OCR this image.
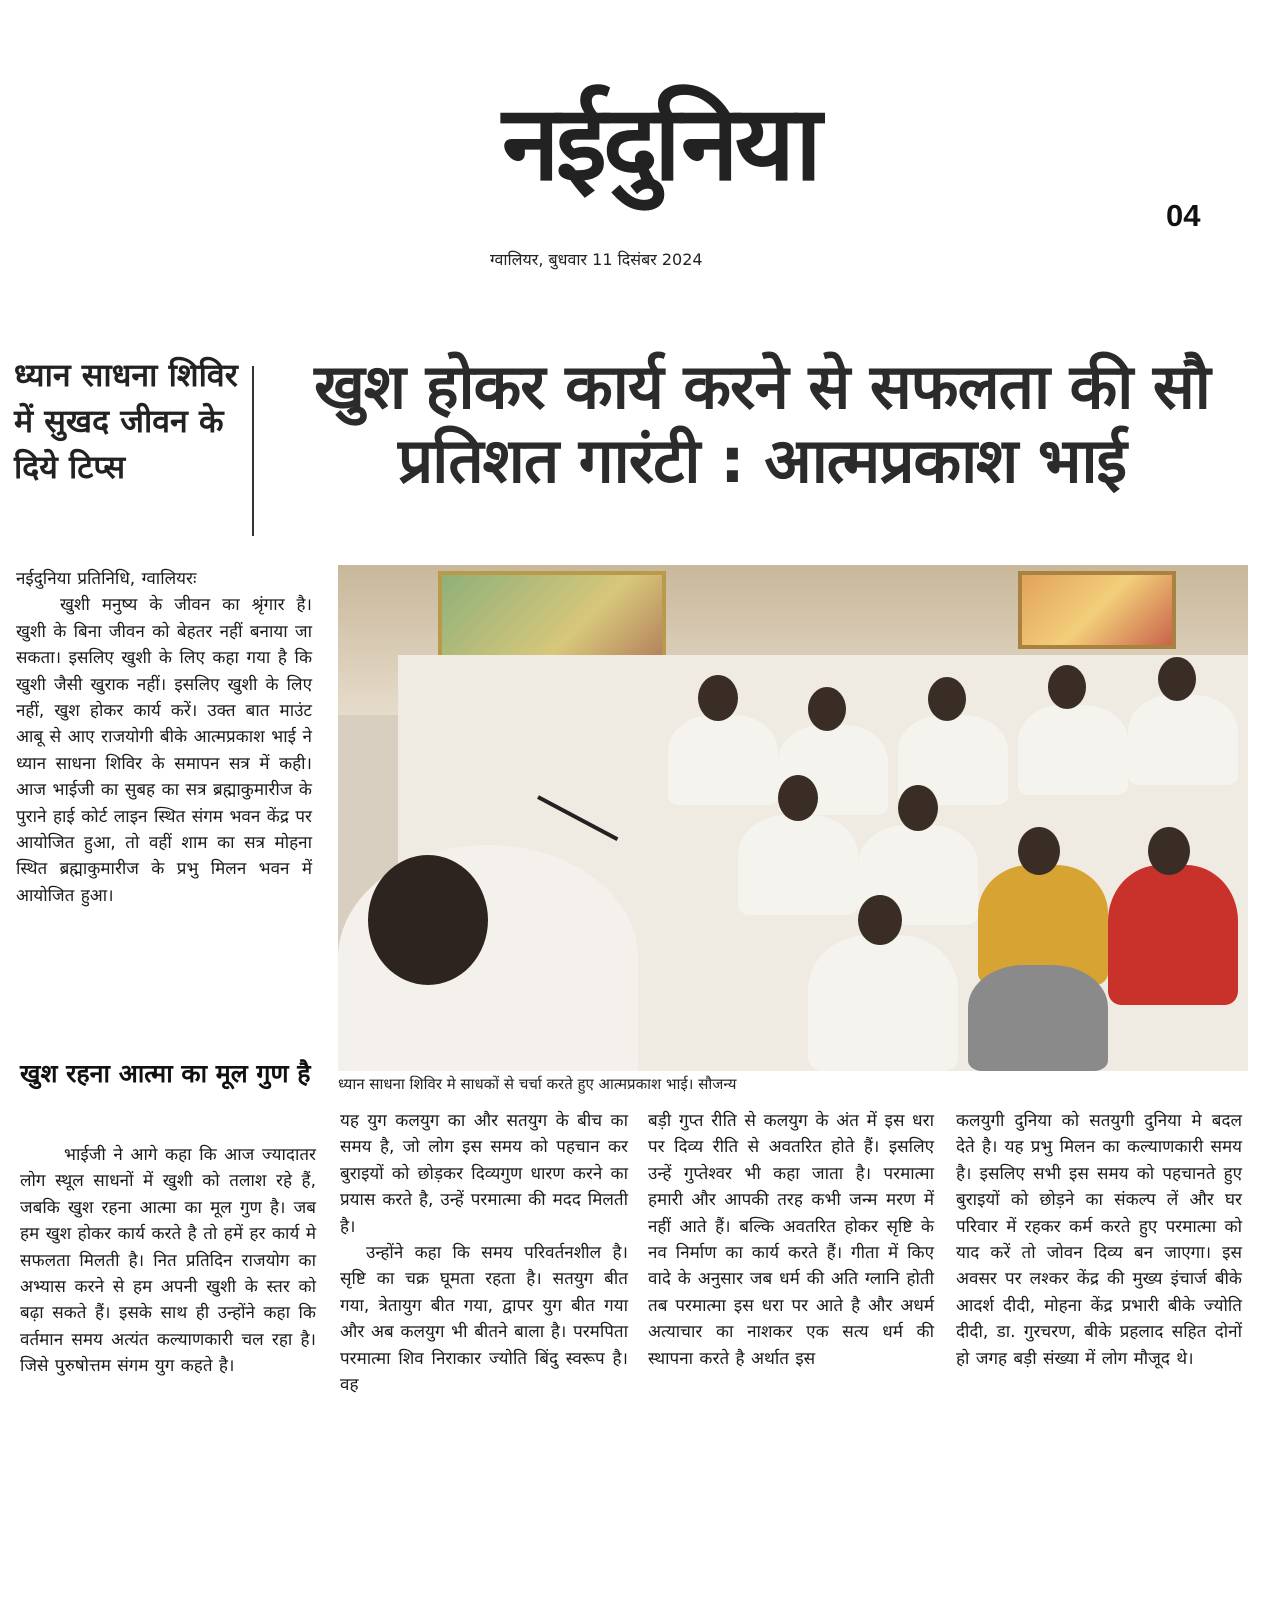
नईदुनिया
04
ग्वालियर, बुधवार 11 दिसंबर 2024
ध्यान साधना शिविर में सुखद जीवन के दिये टिप्स
खुश होकर कार्य करने से सफलता की सौ प्रतिशत गारंटी : आत्मप्रकाश भाई

नईदुनिया प्रतिनिधि, ग्वालियरः

खुशी मनुष्य के जीवन का श्रृंगार है। खुशी के बिना जीवन को बेहतर नहीं बनाया जा सकता। इसलिए खुशी के लिए कहा गया है कि खुशी जैसी खुराक नहीं। इसलिए खुशी के लिए नहीं, खुश होकर कार्य करें। उक्त बात माउंट आबू से आए राजयोगी बीके आत्मप्रकाश भाई ने ध्यान साधना शिविर के समापन सत्र में कही। आज भाईजी का सुबह का सत्र ब्रह्माकुमारीज के पुराने हाई कोर्ट लाइन स्थित संगम भवन केंद्र पर आयोजित हुआ, तो वहीं शाम का सत्र मोहना स्थित ब्रह्माकुमारीज के प्रभु मिलन भवन में आयोजित हुआ।

खुश रहना आत्मा का मूल गुण है
भाईजी ने आगे कहा कि आज ज्यादातर लोग स्थूल साधनों में खुशी को तलाश रहे हैं, जबकि खुश रहना आत्मा का मूल गुण है। जब हम खुश होकर कार्य करते है तो हमें हर कार्य मे सफलता मिलती है। नित प्रतिदिन राजयोग का अभ्यास करने से हम अपनी खुशी के स्तर को बढ़ा सकते हैं। इसके साथ ही उन्होंने कहा कि वर्तमान समय अत्यंत कल्याणकारी चल रहा है। जिसे पुरुषोत्तम संगम युग कहते है।
ध्यान साधना शिविर मे साधकों से चर्चा करते हुए आत्मप्रकाश भाई। सौजन्य

यह युग कलयुग का और सतयुग के बीच का समय है, जो लोग इस समय को पहचान कर बुराइयों को छोड़कर दिव्यगुण धारण करने का प्रयास करते है, उन्हें परमात्मा की मदद मिलती है।

उन्होंने कहा कि समय परिवर्तनशील है। सृष्टि का चक्र घूमता रहता है। सतयुग बीत गया, त्रेतायुग बीत गया, द्वापर युग बीत गया और अब कलयुग भी बीतने बाला है। परमपिता परमात्मा शिव निराकार ज्योति बिंदु स्वरूप है। वह

बड़ी गुप्त रीति से कलयुग के अंत में इस धरा पर दिव्य रीति से अवतरित होते हैं। इसलिए उन्हें गुप्तेश्वर भी कहा जाता है। परमात्मा हमारी और आपकी तरह कभी जन्म मरण में नहीं आते हैं। बल्कि अवतरित होकर सृष्टि के नव निर्माण का कार्य करते हैं। गीता में किए वादे के अनुसार जब धर्म की अति ग्लानि होती तब परमात्मा इस धरा पर आते है और अधर्म अत्याचार का नाशकर एक सत्य धर्म की स्थापना करते है अर्थात इस

कलयुगी दुनिया को सतयुगी दुनिया मे बदल देते है। यह प्रभु मिलन का कल्याणकारी समय है। इसलिए सभी इस समय को पहचानते हुए बुराइयों को छोड़ने का संकल्प लें और घर परिवार में रहकर कर्म करते हुए परमात्मा को याद करें तो जोवन दिव्य बन जाएगा। इस अवसर पर लश्कर केंद्र की मुख्य इंचार्ज बीके आदर्श दीदी, मोहना केंद्र प्रभारी बीके ज्योति दीदी, डा. गुरचरण, बीके प्रहलाद सहित दोनों हो जगह बड़ी संख्या में लोग मौजूद थे।
